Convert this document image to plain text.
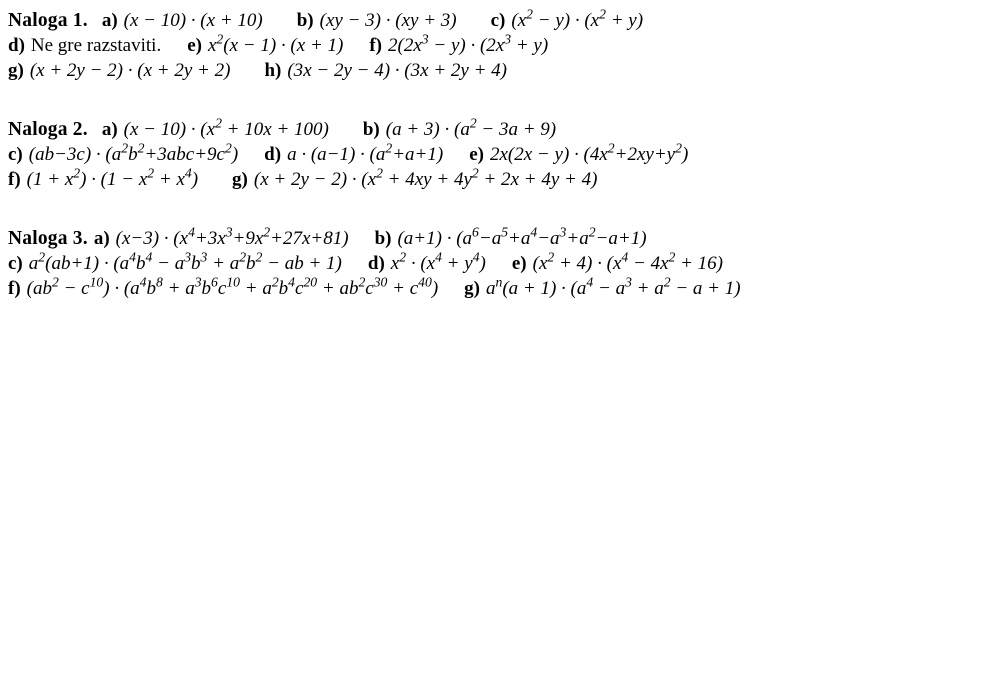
Naloga 1. a) (x − 10) · (x + 10) b) (xy − 3) · (xy + 3) c) $(x^2 - y) \cdot (x^2 + y)$
d) Ne gre razstaviti. e) $x^2(x - 1) \cdot (x + 1)$ f) $2(2x^3 - y) \cdot (2x^3 + y)$
g) (x + 2y − 2) · (x + 2y + 2) h) (3x − 2y − 4) · (3x + 2y + 4)
Naloga 2. a) $(x - 10) \cdot (x^2 + 10x + 100)$ b) $(a + 3) \cdot (a^2 - 3a + 9)$
c) $(ab-3c) \cdot (a^2b^2+3abc+9c^2)$ d) $a \cdot (a-1) \cdot (a^2+a+1)$ e) $2x(2x - y) \cdot (4x^2+2xy+y^2)$
f) $(1 + x^2) \cdot (1 - x^2 + x^4)$ g) $(x + 2y - 2) \cdot (x^2 + 4xy + 4y^2 + 2x + 4y + 4)$
Naloga 3. a) $(x-3) \cdot (x^4+3x^3+9x^2+27x+81)$ b) $(a+1) \cdot (a^6-a^5+a^4-a^3+a^2-a+1)$
c) $a^2(ab+1) \cdot (a^4b^4 - a^3b^3 + a^2b^2$ − ab + 1) d) $x^2 \cdot (x^4 + y^4)$ e) $(x^2 + 4) \cdot (x^4 - 4x^2 + 16)$
f) $(ab^2 - c^{10}) \cdot (a^4b^8 + a^3b^6c^{10} + a^2b^4c^{20} + ab^2c^{30} + c^{40})$ g) $a^n(a + 1) \cdot (a^4 - a^3 + a^2 - a + 1)$
